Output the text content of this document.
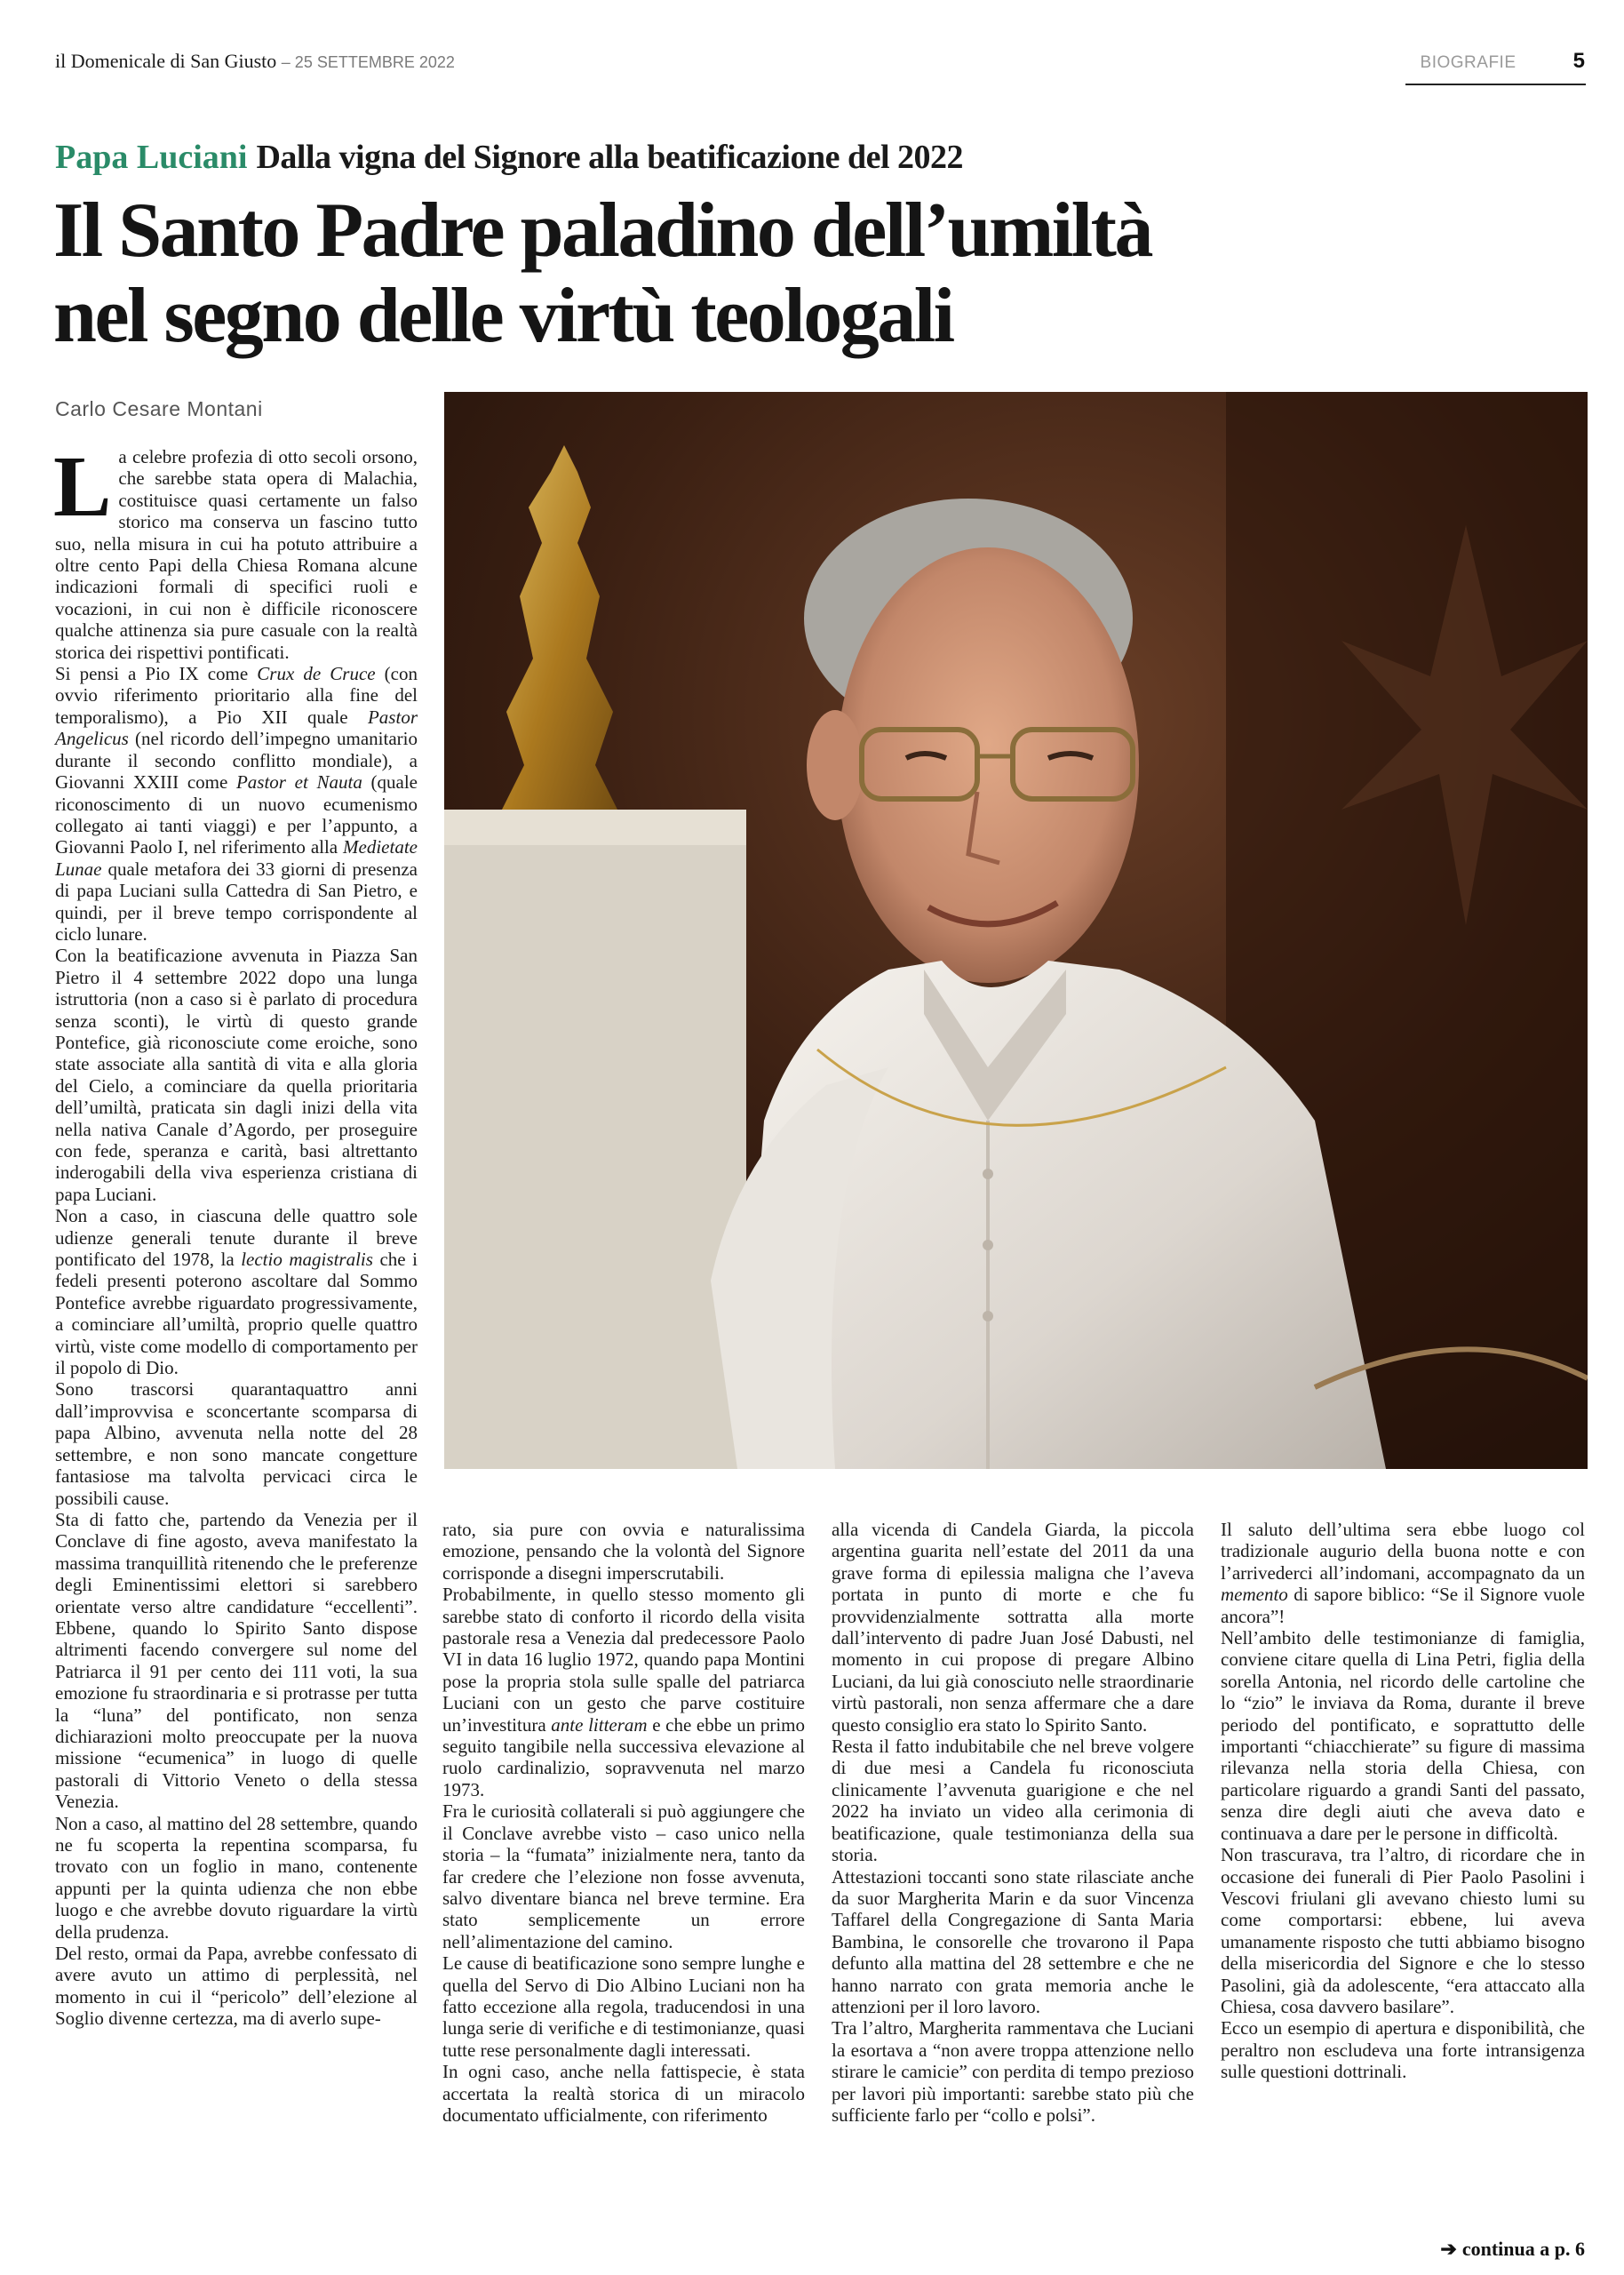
il Domenicale di San Giusto – 25 SETTEMBRE 2022	BIOGRAFIE	5
Papa Luciani Dalla vigna del Signore alla beatificazione del 2022
Il Santo Padre paladino dell’umiltà
nel segno delle virtù teologali
Carlo Cesare Montani
L a celebre profezia di otto secoli orsono, che sarebbe stata opera di Malachia, costituisce quasi certamente un falso storico ma conserva un fascino tutto suo, nella misura in cui ha potuto attribuire a oltre cento Papi della Chiesa Romana alcune indicazioni formali di specifici ruoli e vocazioni, in cui non è difficile riconoscere qualche attinenza sia pure casuale con la realtà storica dei rispettivi pontificati.

Si pensi a Pio IX come Crux de Cruce (con ovvio riferimento prioritario alla fine del temporalismo), a Pio XII quale Pastor Angelicus (nel ricordo dell’impegno umanitario durante il secondo conflitto mondiale), a Giovanni XXIII come Pastor et Nauta (quale riconoscimento di un nuovo ecumenismo collegato ai tanti viaggi) e per l’appunto, a Giovanni Paolo I, nel riferimento alla Medietate Lunae quale metafora dei 33 giorni di presenza di papa Luciani sulla Cattedra di San Pietro, e quindi, per il breve tempo corrispondente al ciclo lunare.

Con la beatificazione avvenuta in Piazza San Pietro il 4 settembre 2022 dopo una lunga istruttoria (non a caso si è parlato di procedura senza sconti), le virtù di questo grande Pontefice, già riconosciute come eroiche, sono state associate alla santità di vita e alla gloria del Cielo, a cominciare da quella prioritaria dell’umiltà, praticata sin dagli inizi della vita nella nativa Canale d’Agordo, per proseguire con fede, speranza e carità, basi altrettanto inderogabili della viva esperienza cristiana di papa Luciani.

Non a caso, in ciascuna delle quattro sole udienze generali tenute durante il breve pontificato del 1978, la lectio magistralis che i fedeli presenti poterono ascoltare dal Sommo Pontefice avrebbe riguardato progressivamente, a cominciare all’umiltà, proprio quelle quattro virtù, viste come modello di comportamento per il popolo di Dio.

Sono trascorsi quarantaquattro anni dall’improvvisa e sconcertante scomparsa di papa Albino, avvenuta nella notte del 28 settembre, e non sono mancate congetture fantasiose ma talvolta pervicaci circa le possibili cause.

Sta di fatto che, partendo da Venezia per il Conclave di fine agosto, aveva manifestato la massima tranquillità ritenendo che le preferenze degli Eminentissimi elettori si sarebbero orientate verso altre candidature “eccellenti”. Ebbene, quando lo Spirito Santo dispose altrimenti facendo convergere sul nome del Patriarca il 91 per cento dei 111 voti, la sua emozione fu straordinaria e si protrasse per tutta la “luna” del pontificato, non senza dichiarazioni molto preoccupate per la nuova missione “ecumenica” in luogo di quelle pastorali di Vittorio Veneto o della stessa Venezia.

Non a caso, al mattino del 28 settembre, quando ne fu scoperta la repentina scomparsa, fu trovato con un foglio in mano, contenente appunti per la quinta udienza che non ebbe luogo e che avrebbe dovuto riguardare la virtù della prudenza.

Del resto, ormai da Papa, avrebbe confessato di avere avuto un attimo di perplessità, nel momento in cui il “pericolo” dell’elezione al Soglio divenne certezza, ma di averlo supe-

rato, sia pure con ovvia e naturalissima emozione, pensando che la volontà del Signore corrisponde a disegni imperscrutabili.

Probabilmente, in quello stesso momento gli sarebbe stato di conforto il ricordo della visita pastorale resa a Venezia dal predecessore Paolo VI in data 16 luglio 1972, quando papa Montini pose la propria stola sulle spalle del patriarca Luciani con un gesto che parve costituire un’investitura ante litteram e che ebbe un primo seguito tangibile nella successiva elevazione al ruolo cardinalizio, sopravvenuta nel marzo 1973.

Fra le curiosità collaterali si può aggiungere che il Conclave avrebbe visto – caso unico nella storia – la “fumata” inizialmente nera, tanto da far credere che l’elezione non fosse avvenuta, salvo diventare bianca nel breve termine. Era stato semplicemente un errore nell’alimentazione del camino.

Le cause di beatificazione sono sempre lunghe e quella del Servo di Dio Albino Luciani non ha fatto eccezione alla regola, traducendosi in una lunga serie di verifiche e di testimonianze, quasi tutte rese personalmente dagli interessati.

In ogni caso, anche nella fattispecie, è stata accertata la realtà storica di un miracolo documentato ufficialmente, con riferimento

alla vicenda di Candela Giarda, la piccola argentina guarita nell’estate del 2011 da una grave forma di epilessia maligna che l’aveva portata in punto di morte e che fu provvidenzialmente sottratta alla morte dall’intervento di padre Juan José Dabusti, nel momento in cui propose di pregare Albino Luciani, da lui già conosciuto nelle straordinarie virtù pastorali, non senza affermare che a dare questo consiglio era stato lo Spirito Santo.

Resta il fatto indubitabile che nel breve volgere di due mesi a Candela fu riconosciuta clinicamente l’avvenuta guarigione e che nel 2022 ha inviato un video alla cerimonia di beatificazione, quale testimonianza della sua storia.

Attestazioni toccanti sono state rilasciate anche da suor Margherita Marin e da suor Vincenza Taffarel della Congregazione di Santa Maria Bambina, le consorelle che trovarono il Papa defunto alla mattina del 28 settembre e che ne hanno narrato con grata memoria anche le attenzioni per il loro lavoro.

Tra l’altro, Margherita rammentava che Luciani la esortava a “non avere troppa attenzione nello stirare le camicie” con perdita di tempo prezioso per lavori più importanti: sarebbe stato più che sufficiente farlo per “collo e polsi”.

Il saluto dell’ultima sera ebbe luogo col tradizionale augurio della buona notte e con l’arrivederci all’indomani, accompagnato da un memento di sapore biblico: “Se il Signore vuole ancora”!

Nell’ambito delle testimonianze di famiglia, conviene citare quella di Lina Petri, figlia della sorella Antonia, nel ricordo delle cartoline che lo “zio” le inviava da Roma, durante il breve periodo del pontificato, e soprattutto delle importanti “chiacchierate” su figure di massima rilevanza nella storia della Chiesa, con particolare riguardo a grandi Santi del passato, senza dire degli aiuti che aveva dato e continuava a dare per le persone in difficoltà.

Non trascurava, tra l’altro, di ricordare che in occasione dei funerali di Pier Paolo Pasolini i Vescovi friulani gli avevano chiesto lumi su come comportarsi: ebbene, lui aveva umanamente risposto che tutti abbiamo bisogno della misericordia del Signore e che lo stesso Pasolini, già da adolescente, “era attaccato alla Chiesa, cosa davvero basilare”.

Ecco un esempio di apertura e disponibilità, che peraltro non escludeva una forte intransigenza sulle questioni dottrinali.

➔ continua a p. 6
